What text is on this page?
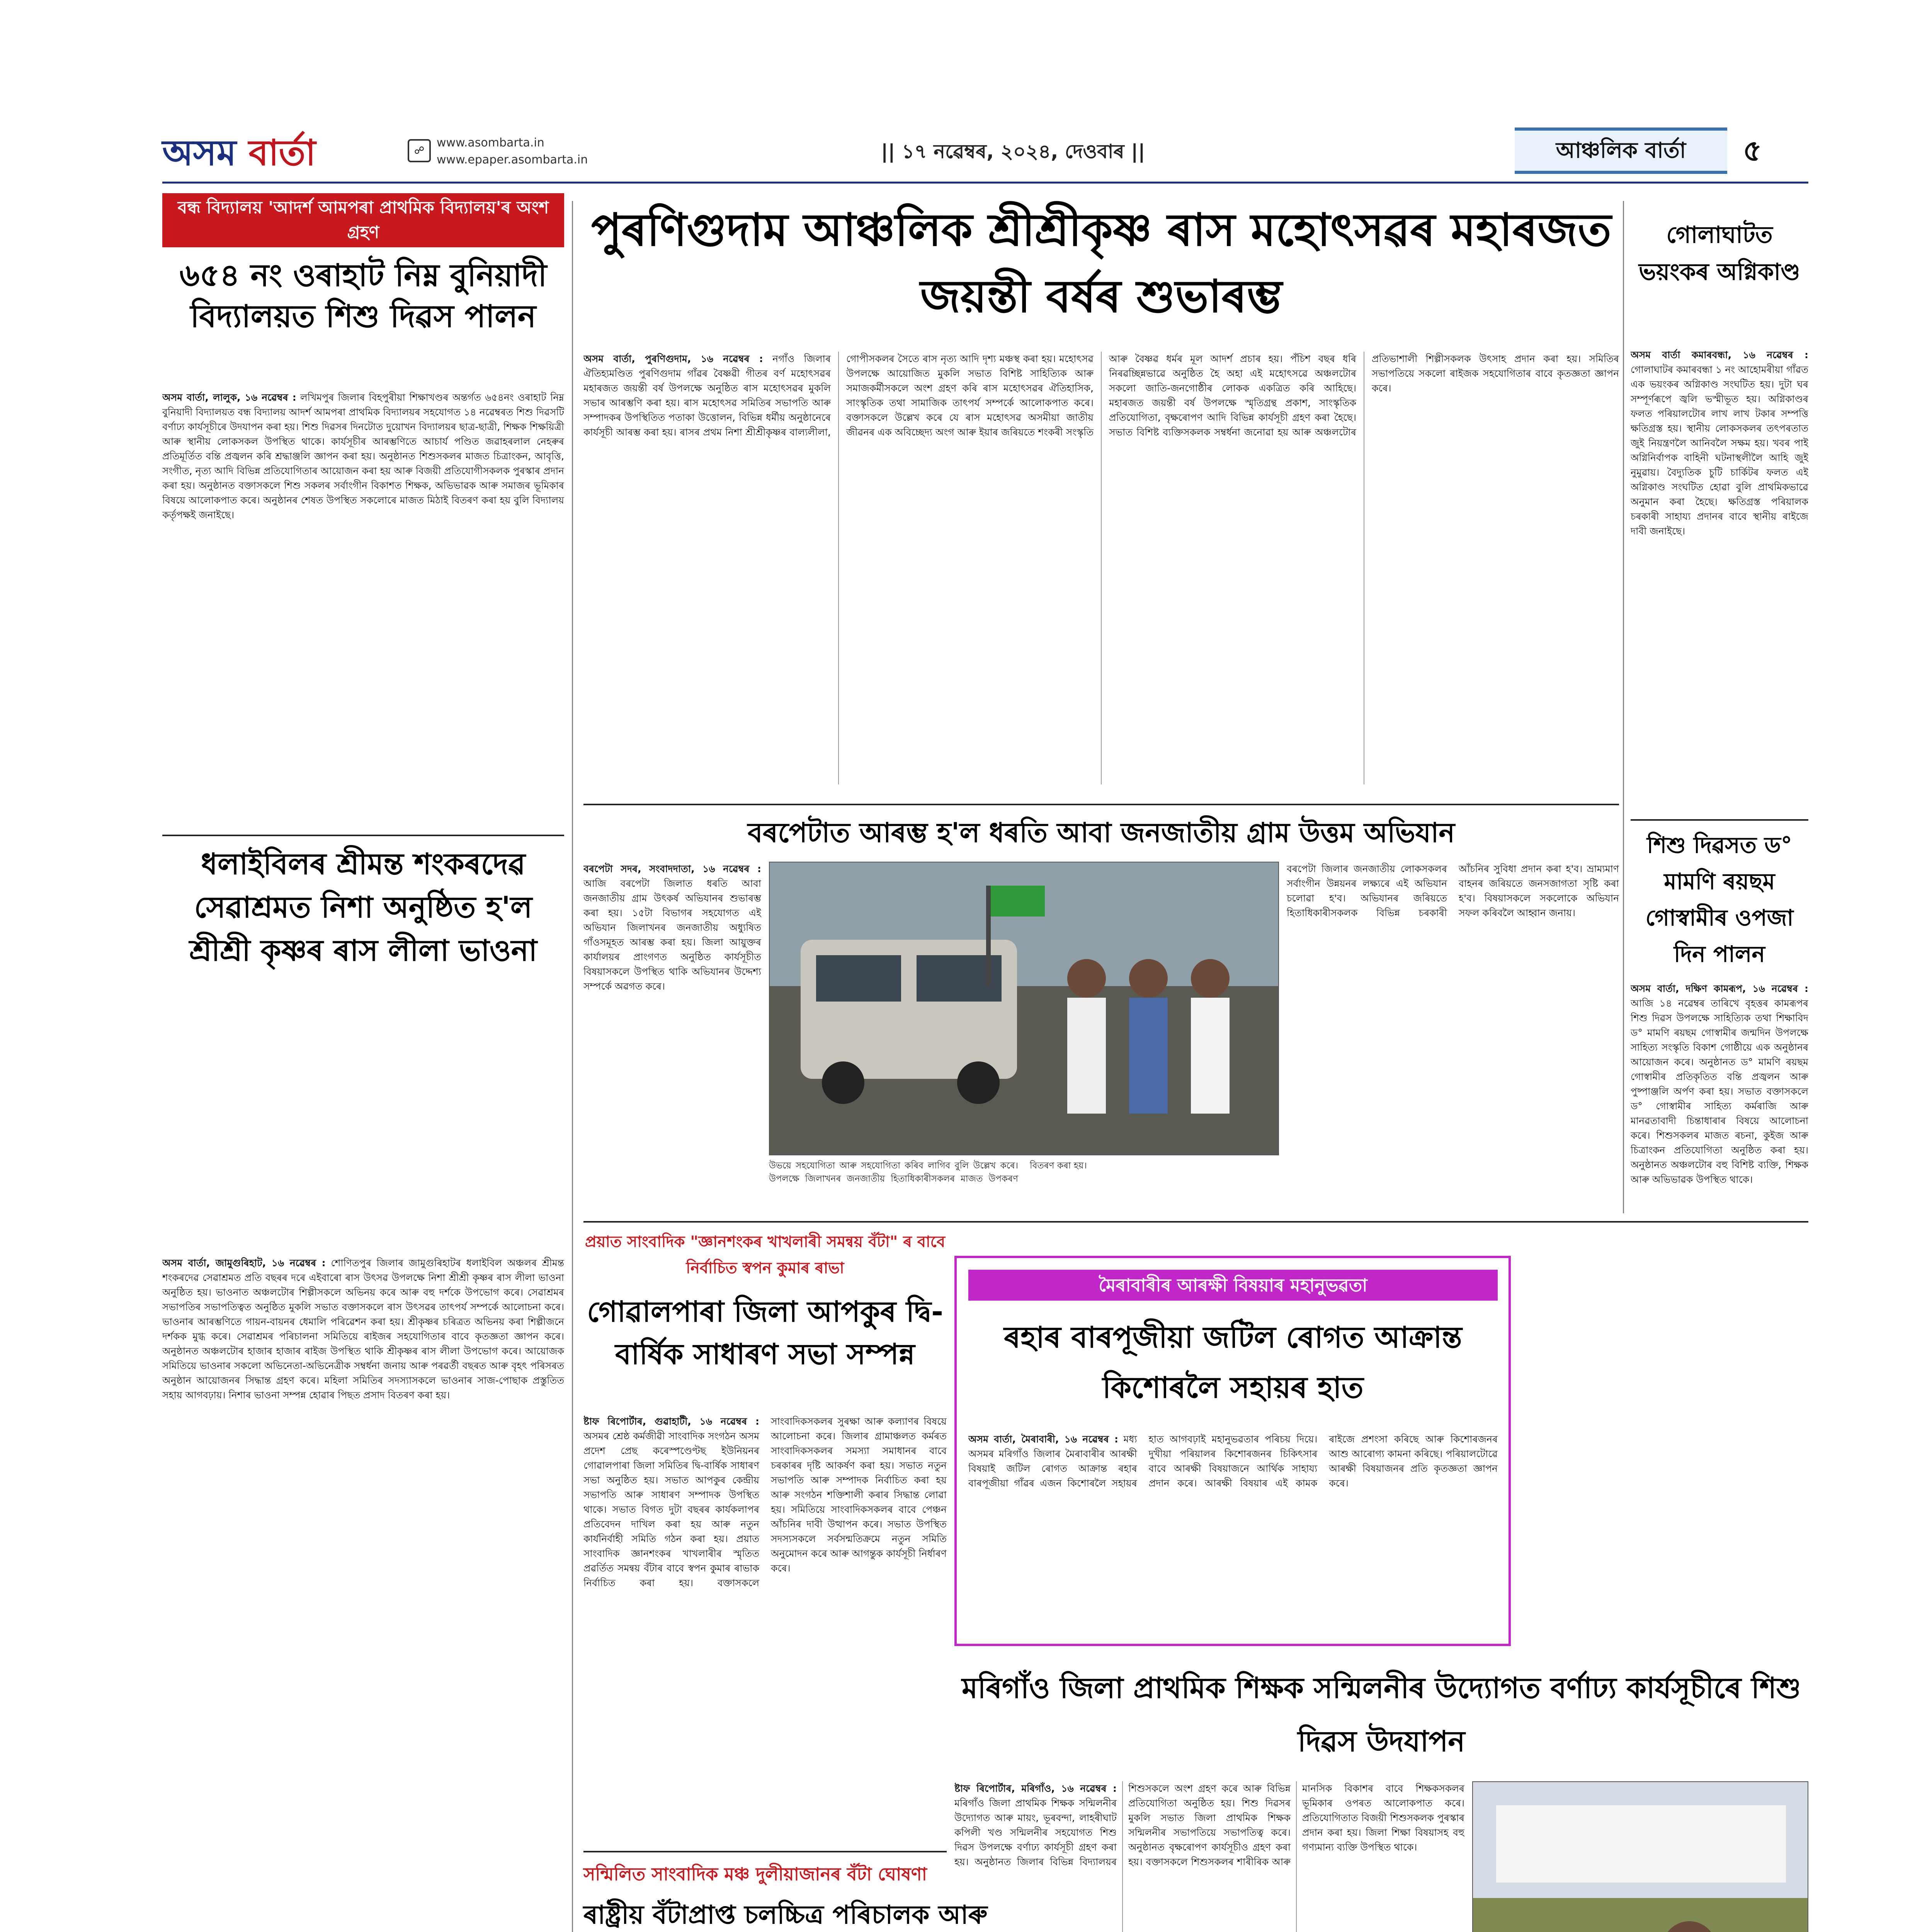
অসম বাৰ্তা	☍
www.asombarta.in
www.epaper.asombarta.in	|| ১৭ নৱেম্বৰ, ২০২৪, দেওবাৰ ||	আঞ্চলিক বাৰ্তা	৫
বন্ধ বিদ্যালয় 'আদৰ্শ আমপৰা প্ৰাথমিক বিদ্যালয়'ৰ অংশ গ্ৰহণ
৬৫৪ নং ওৰাহাট নিম্ন বুনিয়াদী বিদ্যালয়ত শিশু দিৱস পালন
অসম বাৰ্তা, লালুক, ১৬ নৱেম্বৰ : লখিমপুৰ জিলাৰ বিহপুৰীয়া শিক্ষাখণ্ডৰ অন্তৰ্গত ৬৫৪নং ওৰাহাট নিম্ন বুনিয়াদী বিদ্যালয়ত বন্ধ বিদ্যালয় আদৰ্শ আমপৰা প্ৰাথমিক বিদ্যালয়ৰ সহযোগত ১৪ নৱেম্বৰত শিশু দিৱসটি বৰ্ণাঢ্য কাৰ্যসূচীৰে উদযাপন কৰা হয়। শিশু দিৱসৰ দিনটোত দুয়োখন বিদ্যালয়ৰ ছাত্ৰ-ছাত্ৰী, শিক্ষক শিক্ষয়িত্ৰী আৰু স্থানীয় লোকসকল উপস্থিত থাকে। কাৰ্যসূচীৰ আৰম্ভণিতে আচাৰ্য পণ্ডিত জৱাহৰলাল নেহৰুৰ প্ৰতিমূৰ্তিত বন্তি প্ৰজ্বলন কৰি শ্ৰদ্ধাঞ্জলি জ্ঞাপন কৰা হয়। অনুষ্ঠানত শিশুসকলৰ মাজত চিত্ৰাংকন, আবৃত্তি, সংগীত, নৃত্য আদি বিভিন্ন প্ৰতিযোগিতাৰ আয়োজন কৰা হয় আৰু বিজয়ী প্ৰতিযোগীসকলক পুৰস্কাৰ প্ৰদান কৰা হয়। অনুষ্ঠানত বক্তাসকলে শিশু সকলৰ সৰ্বাংগীন বিকাশত শিক্ষক, অভিভাৱক আৰু সমাজৰ ভূমিকাৰ বিষয়ে আলোকপাত কৰে। অনুষ্ঠানৰ শেষত উপস্থিত সকলোৰে মাজত মিঠাই বিতৰণ কৰা হয় বুলি বিদ্যালয় কৰ্তৃপক্ষই জনাইছে।
ধলাইবিলৰ শ্ৰীমন্ত শংকৰদেৱ সেৱাশ্ৰমত নিশা অনুষ্ঠিত হ'ল শ্ৰীশ্ৰী কৃষ্ণৰ ৰাস লীলা ভাওনা
অসম বাৰ্তা, জামুগুৰিহাট, ১৬ নৱেম্বৰ : শোণিতপুৰ জিলাৰ জামুগুৰিহাটৰ ধলাইবিল অঞ্চলৰ শ্ৰীমন্ত শংকৰদেৱ সেৱাশ্ৰমত প্ৰতি বছৰৰ দৰে এইবাৰো ৰাস উৎসৱ উপলক্ষে নিশা শ্ৰীশ্ৰী কৃষ্ণৰ ৰাস লীলা ভাওনা অনুষ্ঠিত হয়। ভাওনাত অঞ্চলটোৰ শিল্পীসকলে অভিনয় কৰে আৰু বহু দৰ্শকে উপভোগ কৰে। সেৱাশ্ৰমৰ সভাপতিৰ সভাপতিত্বত অনুষ্ঠিত মুকলি সভাত বক্তাসকলে ৰাস উৎসৱৰ তাৎপৰ্য সম্পৰ্কে আলোচনা কৰে। ভাওনাৰ আৰম্ভণিতে গায়ন-বায়নৰ ধেমালি পৰিৱেশন কৰা হয়। শ্ৰীকৃষ্ণৰ চৰিত্ৰত অভিনয় কৰা শিল্পীজনে দৰ্শকক মুগ্ধ কৰে। সেৱাশ্ৰমৰ পৰিচালনা সমিতিয়ে ৰাইজৰ সহযোগিতাৰ বাবে কৃতজ্ঞতা জ্ঞাপন কৰে। অনুষ্ঠানত অঞ্চলটোৰ হাজাৰ হাজাৰ ৰাইজ উপস্থিত থাকি শ্ৰীকৃষ্ণৰ ৰাস লীলা উপভোগ কৰে। আয়োজক সমিতিয়ে ভাওনাৰ সকলো অভিনেতা-অভিনেত্ৰীক সম্বৰ্ধনা জনায় আৰু পৰৱৰ্তী বছৰত আৰু বৃহৎ পৰিসৰত অনুষ্ঠান আয়োজনৰ সিদ্ধান্ত গ্ৰহণ কৰে। মহিলা সমিতিৰ সদস্যাসকলে ভাওনাৰ সাজ-পোছাক প্ৰস্তুতিত সহায় আগবঢ়ায়। নিশাৰ ভাওনা সম্পন্ন হোৱাৰ পিছত প্ৰসাদ বিতৰণ কৰা হয়।
পুৰণিগুদাম আঞ্চলিক শ্ৰীশ্ৰীকৃষ্ণ ৰাস মহোৎসৱৰ মহাৰজত জয়ন্তী বৰ্ষৰ শুভাৰম্ভ
অসম বাৰ্তা, পুৰণিগুদাম, ১৬ নৱেম্বৰ : নগাঁও জিলাৰ ঐতিহ্যমণ্ডিত পুৰণিগুদাম গাঁৱৰ বৈষ্ণৱী গীতৰ বৰ্ণ মহোৎসৱৰ মহাৰজত জয়ন্তী বৰ্ষ উপলক্ষে অনুষ্ঠিত ৰাস মহোৎসৱৰ মুকলি সভাৰ আৰম্ভণি কৰা হয়। ৰাস মহোৎসৱ সমিতিৰ সভাপতি আৰু সম্পাদকৰ উপস্থিতিত পতাকা উত্তোলন, বিভিন্ন ধৰ্মীয় অনুষ্ঠানেৰে কাৰ্যসূচী আৰম্ভ কৰা হয়। ৰাসৰ প্ৰথম নিশা শ্ৰীশ্ৰীকৃষ্ণৰ বাল্যলীলা, গোপীসকলৰ সৈতে ৰাস নৃত্য আদি দৃশ্য মঞ্চস্থ কৰা হয়। মহোৎসৱ উপলক্ষে আয়োজিত মুকলি সভাত বিশিষ্ট সাহিত্যিক আৰু সমাজকৰ্মীসকলে অংশ গ্ৰহণ কৰি ৰাস মহোৎসৱৰ ঐতিহাসিক, সাংস্কৃতিক তথা সামাজিক তাৎপৰ্য সম্পৰ্কে আলোকপাত কৰে। বক্তাসকলে উল্লেখ কৰে যে ৰাস মহোৎসৱ অসমীয়া জাতীয় জীৱনৰ এক অবিচ্ছেদ্য অংগ আৰু ইয়াৰ জৰিয়তে শংকৰী সংস্কৃতি আৰু বৈষ্ণৱ ধৰ্মৰ মূল আদৰ্শ প্ৰচাৰ হয়। পঁচিশ বছৰ ধৰি নিৰৱচ্ছিন্নভাৱে অনুষ্ঠিত হৈ অহা এই মহোৎসৱে অঞ্চলটোৰ সকলো জাতি-জনগোষ্ঠীৰ লোকক একত্ৰিত কৰি আহিছে। মহাৰজত জয়ন্তী বৰ্ষ উপলক্ষে স্মৃতিগ্ৰন্থ প্ৰকাশ, সাংস্কৃতিক প্ৰতিযোগিতা, বৃক্ষৰোপণ আদি বিভিন্ন কাৰ্যসূচী গ্ৰহণ কৰা হৈছে। সভাত বিশিষ্ট ব্যক্তিসকলক সম্বৰ্ধনা জনোৱা হয় আৰু অঞ্চলটোৰ প্ৰতিভাশালী শিল্পীসকলক উৎসাহ প্ৰদান কৰা হয়। সমিতিৰ সভাপতিয়ে সকলো ৰাইজক সহযোগিতাৰ বাবে কৃতজ্ঞতা জ্ঞাপন কৰে।
গোলাঘাটত ভয়ংকৰ অগ্নিকাণ্ড
অসম বাৰ্তা কমাৰবন্ধা, ১৬ নৱেম্বৰ : গোলাঘাটৰ কমাৰবন্ধা ১ নং আহোমৰীয়া গাঁৱত এক ভয়ংকৰ অগ্নিকাণ্ড সংঘটিত হয়। দুটা ঘৰ সম্পূৰ্ণৰূপে জ্বলি ভস্মীভূত হয়। অগ্নিকাণ্ডৰ ফলত পৰিয়ালটোৰ লাখ লাখ টকাৰ সম্পত্তি ক্ষতিগ্ৰস্ত হয়। স্থানীয় লোকসকলৰ তৎপৰতাত জুই নিয়ন্ত্ৰণলৈ আনিবলৈ সক্ষম হয়। খবৰ পাই অগ্নিনিৰ্বাপক বাহিনী ঘটনাস্থলীলৈ আহি জুই নুমুৱায়। বৈদ্যুতিক চুটি চাৰ্কিটৰ ফলত এই অগ্নিকাণ্ড সংঘটিত হোৱা বুলি প্ৰাথমিকভাৱে অনুমান কৰা হৈছে। ক্ষতিগ্ৰস্ত পৰিয়ালক চৰকাৰী সাহায্য প্ৰদানৰ বাবে স্থানীয় ৰাইজে দাবী জনাইছে।
শিশু দিৱসত ড° মামণি ৰয়ছম গোস্বামীৰ ওপজা দিন পালন
অসম বাৰ্তা, দক্ষিণ কামৰূপ, ১৬ নৱেম্বৰ : আজি ১৪ নৱেম্বৰ তাৰিখে বৃহত্তৰ কামৰূপৰ শিশু দিৱস উপলক্ষে সাহিত্যিক তথা শিক্ষাবিদ ড° মামণি ৰয়ছম গোস্বামীৰ জন্মদিন উপলক্ষে সাহিত্য সংস্কৃতি বিকাশ গোষ্ঠীয়ে এক অনুষ্ঠানৰ আয়োজন কৰে। অনুষ্ঠানত ড° মামণি ৰয়ছম গোস্বামীৰ প্ৰতিকৃতিত বন্তি প্ৰজ্বলন আৰু পুষ্পাঞ্জলি অৰ্পণ কৰা হয়। সভাত বক্তাসকলে ড° গোস্বামীৰ সাহিত্য কৰ্মৰাজি আৰু মানৱতাবাদী চিন্তাধাৰাৰ বিষয়ে আলোচনা কৰে। শিশুসকলৰ মাজত ৰচনা, কুইজ আৰু চিত্ৰাংকন প্ৰতিযোগিতা অনুষ্ঠিত কৰা হয়। অনুষ্ঠানত অঞ্চলটোৰ বহু বিশিষ্ট ব্যক্তি, শিক্ষক আৰু অভিভাৱক উপস্থিত থাকে।
বৰপেটাত আৰম্ভ হ'ল ধৰতি আবা জনজাতীয় গ্ৰাম উত্তম অভিযান
বৰপেটা সদৰ, সংবাদদাতা, ১৬ নৱেম্বৰ : আজি বৰপেটা জিলাত ধৰতি আবা জনজাতীয় গ্ৰাম উৎকৰ্ষ অভিযানৰ শুভাৰম্ভ কৰা হয়। ১৫টা বিভাগৰ সহযোগত এই অভিযান জিলাখনৰ জনজাতীয় অধ্যুষিত গাঁওসমূহত আৰম্ভ কৰা হয়। জিলা আয়ুক্তৰ কাৰ্যালয়ৰ প্ৰাংগণত অনুষ্ঠিত কাৰ্যসূচীত বিষয়াসকলে উপস্থিত থাকি অভিযানৰ উদ্দেশ্য সম্পৰ্কে অৱগত কৰে।
উভয়ে সহযোগিতা আৰু সহযোগিতা কৰিব লাগিব বুলি উল্লেখ কৰে। উপলক্ষে জিলাখনৰ জনজাতীয় হিতাধিকাৰীসকলৰ মাজত উপকৰণ বিতৰণ কৰা হয়।
বৰপেটা জিলাৰ জনজাতীয় লোকসকলৰ সৰ্বাংগীন উন্নয়নৰ লক্ষ্যৰে এই অভিযান চলোৱা হ'ব। অভিযানৰ জৰিয়তে হিতাধিকাৰীসকলক বিভিন্ন চৰকাৰী আঁচনিৰ সুবিধা প্ৰদান কৰা হ'ব। ভ্ৰাম্যমাণ বাহনৰ জৰিয়তে জনসজাগতা সৃষ্টি কৰা হ'ব। বিষয়াসকলে সকলোকে অভিযান সফল কৰিবলৈ আহ্বান জনায়।
প্ৰয়াত সাংবাদিক "জ্ঞানশংকৰ খাখলাৰী সমন্বয় বঁটা" ৰ বাবে নিৰ্বাচিত স্বপন কুমাৰ ৰাভা
গোৱালপাৰা জিলা আপকুৰ দ্বি-বাৰ্ষিক সাধাৰণ সভা সম্পন্ন
ষ্টাফ ৰিপোৰ্টাৰ, গুৱাহাটী, ১৬ নৱেম্বৰ : অসমৰ শ্ৰেষ্ঠ কৰ্মজীৱী সাংবাদিক সংগঠন অসম প্ৰদেশ প্ৰেছ কৰেস্পণ্ডেণ্টছ ইউনিয়নৰ গোৱালপাৰা জিলা সমিতিৰ দ্বি-বাৰ্ষিক সাধাৰণ সভা অনুষ্ঠিত হয়। সভাত আপকুৰ কেন্দ্ৰীয় সভাপতি আৰু সাধাৰণ সম্পাদক উপস্থিত থাকে। সভাত বিগত দুটা বছৰৰ কাৰ্যকলাপৰ প্ৰতিবেদন দাখিল কৰা হয় আৰু নতুন কাৰ্যনিৰ্বাহী সমিতি গঠন কৰা হয়। প্ৰয়াত সাংবাদিক জ্ঞানশংকৰ খাখলাৰীৰ স্মৃতিত প্ৰৱৰ্তিত সমন্বয় বঁটাৰ বাবে স্বপন কুমাৰ ৰাভাক নিৰ্বাচিত কৰা হয়। বক্তাসকলে সাংবাদিকসকলৰ সুৰক্ষা আৰু কল্যাণৰ বিষয়ে আলোচনা কৰে। জিলাৰ গ্ৰামাঞ্চলত কৰ্মৰত সাংবাদিকসকলৰ সমস্যা সমাধানৰ বাবে চৰকাৰৰ দৃষ্টি আকৰ্ষণ কৰা হয়। সভাত নতুন সভাপতি আৰু সম্পাদক নিৰ্বাচিত কৰা হয় আৰু সংগঠন শক্তিশালী কৰাৰ সিদ্ধান্ত লোৱা হয়। সমিতিয়ে সাংবাদিকসকলৰ বাবে পেঞ্চন আঁচনিৰ দাবী উত্থাপন কৰে। সভাত উপস্থিত সদস্যসকলে সৰ্বসন্মতিক্ৰমে নতুন সমিতি অনুমোদন কৰে আৰু আগন্তুক কাৰ্যসূচী নিৰ্ধাৰণ কৰে।
সন্মিলিত সাংবাদিক মঞ্চ দুলীয়াজানৰ বঁটা ঘোষণা
ৰাষ্ট্ৰীয় বঁটাপ্ৰাপ্ত চলচ্চিত্ৰ পৰিচালক আৰু
মৈৰাবাৰীৰ আৰক্ষী বিষয়াৰ মহানুভৱতা
ৰহাৰ বাৰপূজীয়া জটিল ৰোগত আক্ৰান্ত কিশোৰলৈ সহায়ৰ হাত
অসম বাৰ্তা, মৈৰাবাৰী, ১৬ নৱেম্বৰ : মধ্য অসমৰ মৰিগাঁও জিলাৰ মৈৰাবাৰীৰ আৰক্ষী বিষয়াই জটিল ৰোগত আক্ৰান্ত ৰহাৰ বাৰপূজীয়া গাঁৱৰ এজন কিশোৰলৈ সহায়ৰ হাত আগবঢ়াই মহানুভৱতাৰ পৰিচয় দিয়ে। দুখীয়া পৰিয়ালৰ কিশোৰজনৰ চিকিৎসাৰ বাবে আৰক্ষী বিষয়াজনে আৰ্থিক সাহায্য প্ৰদান কৰে। আৰক্ষী বিষয়াৰ এই কামক ৰাইজে প্ৰশংসা কৰিছে আৰু কিশোৰজনৰ আশু আৰোগ্য কামনা কৰিছে। পৰিয়ালটোৱে আৰক্ষী বিষয়াজনৰ প্ৰতি কৃতজ্ঞতা জ্ঞাপন কৰে।
মৰিগাঁও জিলা প্ৰাথমিক শিক্ষক সন্মিলনীৰ উদ্যোগত বৰ্ণাঢ্য কাৰ্যসূচীৰে শিশু দিৱস উদযাপন
ষ্টাফ ৰিপোৰ্টাৰ, মৰিগাঁও, ১৬ নৱেম্বৰ : মৰিগাঁও জিলা প্ৰাথমিক শিক্ষক সন্মিলনীৰ উদ্যোগত আৰু মায়ং, ভূৰবন্দা, লাহৰীঘাট কপিলী খণ্ড সন্মিলনীৰ সহযোগত শিশু দিৱস উপলক্ষে বৰ্ণাঢ্য কাৰ্যসূচী গ্ৰহণ কৰা হয়। অনুষ্ঠানত জিলাৰ বিভিন্ন বিদ্যালয়ৰ শিশুসকলে অংশ গ্ৰহণ কৰে আৰু বিভিন্ন প্ৰতিযোগিতা অনুষ্ঠিত হয়। শিশু দিৱসৰ মুকলি সভাত জিলা প্ৰাথমিক শিক্ষক সন্মিলনীৰ সভাপতিয়ে সভাপতিত্ব কৰে। অনুষ্ঠানত বৃক্ষৰোপণ কাৰ্যসূচীও গ্ৰহণ কৰা হয়। বক্তাসকলে শিশুসকলৰ শাৰীৰিক আৰু মানসিক বিকাশৰ বাবে শিক্ষকসকলৰ ভূমিকাৰ ওপৰত আলোকপাত কৰে। প্ৰতিযোগিতাত বিজয়ী শিশুসকলক পুৰস্কাৰ প্ৰদান কৰা হয়। জিলা শিক্ষা বিষয়াসহ বহু গণ্যমান্য ব্যক্তি উপস্থিত থাকে।
